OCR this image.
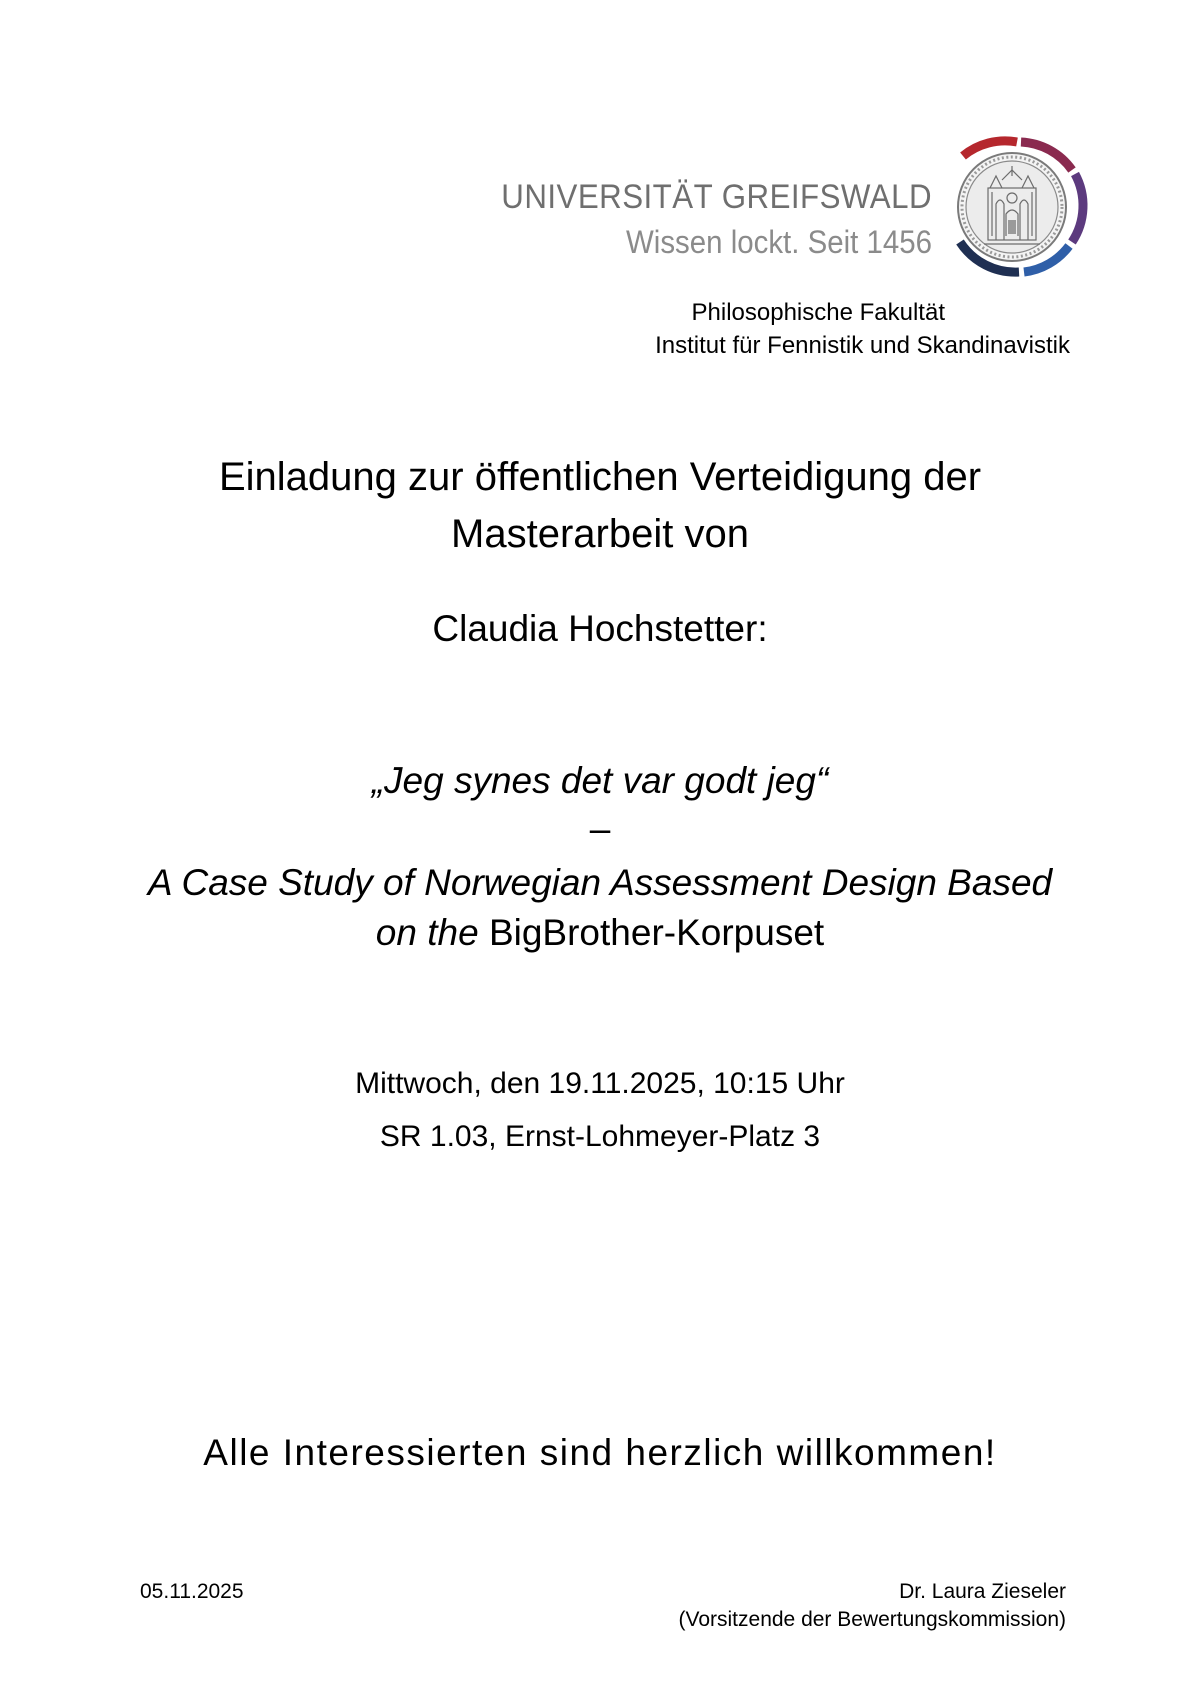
UNIVERSITÄT GREIFSWALD
Wissen lockt. Seit 1456
Philosophische Fakultät
Institut für Fennistik und Skandinavistik
Einladung zur öffentlichen Verteidigung der
Masterarbeit von
Claudia Hochstetter:
„Jeg synes det var godt jeg“
–
A Case Study of Norwegian Assessment Design Based
on the BigBrother-Korpuset
Mittwoch, den 19.11.2025, 10:15 Uhr
SR 1.03, Ernst-Lohmeyer-Platz 3
Alle Interessierten sind herzlich willkommen!
05.11.2025	Dr. Laura Zieseler
(Vorsitzende der Bewertungskommission)
